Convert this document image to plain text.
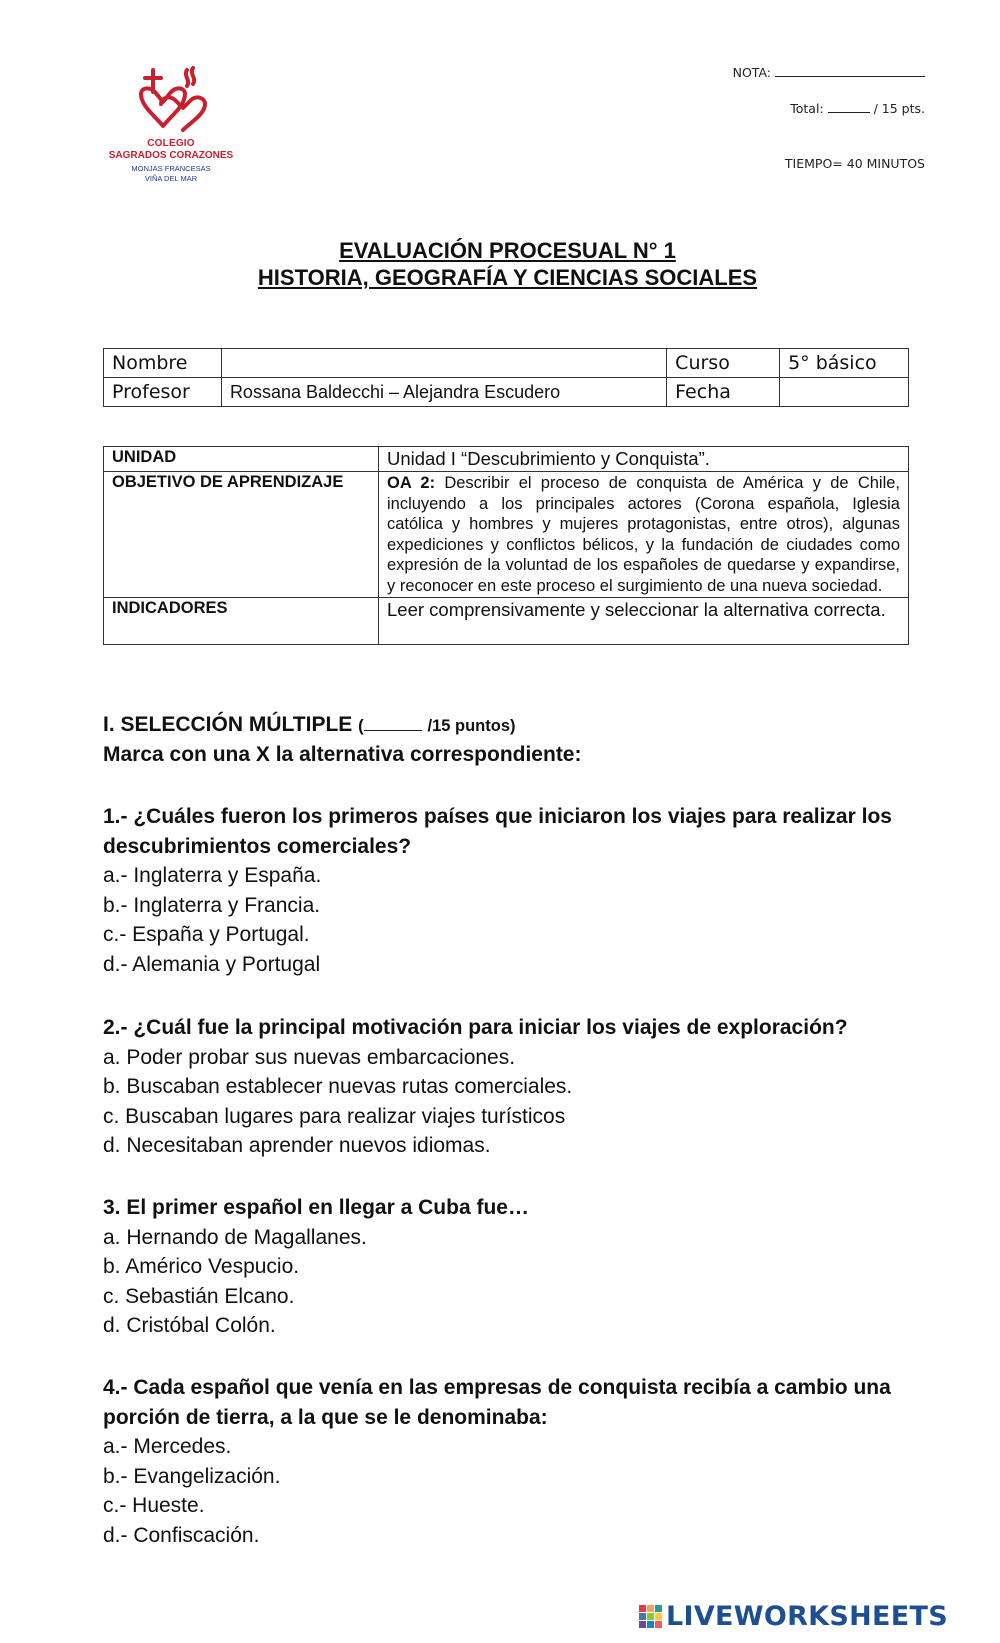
COLEGIO
SAGRADOS CORAZONES
MONJAS FRANCESAS
VIÑA DEL MAR
NOTA:
Total:	/ 15 pts.
TIEMPO= 40 MINUTOS
EVALUACIÓN PROCESUAL N° 1
HISTORIA, GEOGRAFÍA Y CIENCIAS SOCIALES
Nombre		Curso	5° básico
Profesor	Rossana Baldecchi – Alejandra Escudero	Fecha	
UNIDAD	Unidad I “Descubrimiento y Conquista”.
OBJETIVO DE APRENDIZAJE	OA 2: Describir el proceso de conquista de América y de Chile, incluyendo a los principales actores (Corona española, Iglesia católica y hombres y mujeres protagonistas, entre otros), algunas expediciones y conflictos bélicos, y la fundación de ciudades como expresión de la voluntad de los españoles de quedarse y expandirse, y reconocer en este proceso el surgimiento de una nueva sociedad.
INDICADORES	Leer comprensivamente y seleccionar la alternativa correcta.
I. SELECCIÓN MÚLTIPLE (	/15 puntos)
Marca con una X la alternativa correspondiente:
1.- ¿Cuáles fueron los primeros países que iniciaron los viajes para realizar los descubrimientos comerciales?
a.- Inglaterra y España.
b.- Inglaterra y Francia.
c.- España y Portugal.
d.- Alemania y Portugal
2.- ¿Cuál fue la principal motivación para iniciar los viajes de exploración?
a. Poder probar sus nuevas embarcaciones.
b. Buscaban establecer nuevas rutas comerciales.
c. Buscaban lugares para realizar viajes turísticos
d. Necesitaban aprender nuevos idiomas.
3. El primer español en llegar a Cuba fue…
a. Hernando de Magallanes.
b. Américo Vespucio.
c. Sebastián Elcano.
d. Cristóbal Colón.
4.- Cada español que venía en las empresas de conquista recibía a cambio una porción de tierra, a la que se le denominaba:
a.- Mercedes.
b.- Evangelización.
c.- Hueste.
d.- Confiscación.
LIVEWORKSHEETS
